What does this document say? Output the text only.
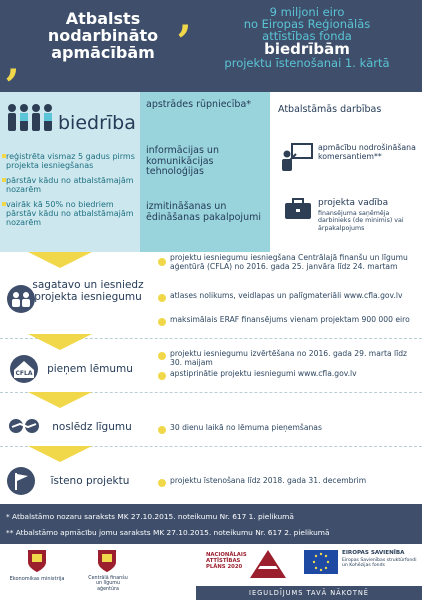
,
,
Atbalsts
nodarbināto
apmācībām
9 miljoni eiro
no Eiropas Reģionālās
attīstības fonda
biedrībām
projektu īstenošanai 1. kārtā
biedrība
reģistrēta vismaz 5 gadus pirms projekta iesniegšanas
pārstāv kādu no atbalstāmajām nozarēm
vairāk kā 50% no biedriem pārstāv kādu no atbalstāmajām nozarēm
apstrādes rūpniecība*
informācijas un komunikācijas tehnoloģijas
izmitināšanas un ēdināšanas pakalpojumi
Atbalstāmās darbības
apmācību nodrošināšana komersantiem**
projekta vadība
finansējuma saņēmēja darbinieks (de minimis) vai ārpakalpojums
sagatavo un iesniedz projekta iesniegumu
projektu iesniegumu iesniegšana Centrālajā finanšu un līgumu aģentūrā (CFLA) no 2016. gada 25. janvāra līdz 24. martam
atlases nolikums, veidlapas un palīgmateriāli www.cfla.gov.lv
maksimālais ERAF finansējums vienam projektam 900 000 eiro
CFLA	pieņem lēmumu
projektu iesniegumu izvērtēšana no 2016. gada 29. marta līdz 30. maijam
apstiprinātie projektu iesniegumi www.cfla.gov.lv
noslēdz līgumu	30 dienu laikā no lēmuma pieņemšanas
īsteno projektu	projektu īstenošana līdz 2018. gada 31. decembrim
* Atbalstāmo nozaru saraksts MK 27.10.2015. noteikumu Nr. 617 1. pielikumā
** Atbalstāmo apmācību jomu saraksts MK 27.10.2015. noteikumu Nr. 617 2. pielikumā
Ekonomikas ministrija	Centrālā finanšu un līgumu aģentūra
NACIONĀLAIS
ATTĪSTĪBAS
PLĀNS 2020
EIROPAS SAVIENĪBA
Eiropas Savienības struktūrfondi un Kohēzijas fonds
IEGULDĪJUMS TAVĀ NĀKOTNĒ
